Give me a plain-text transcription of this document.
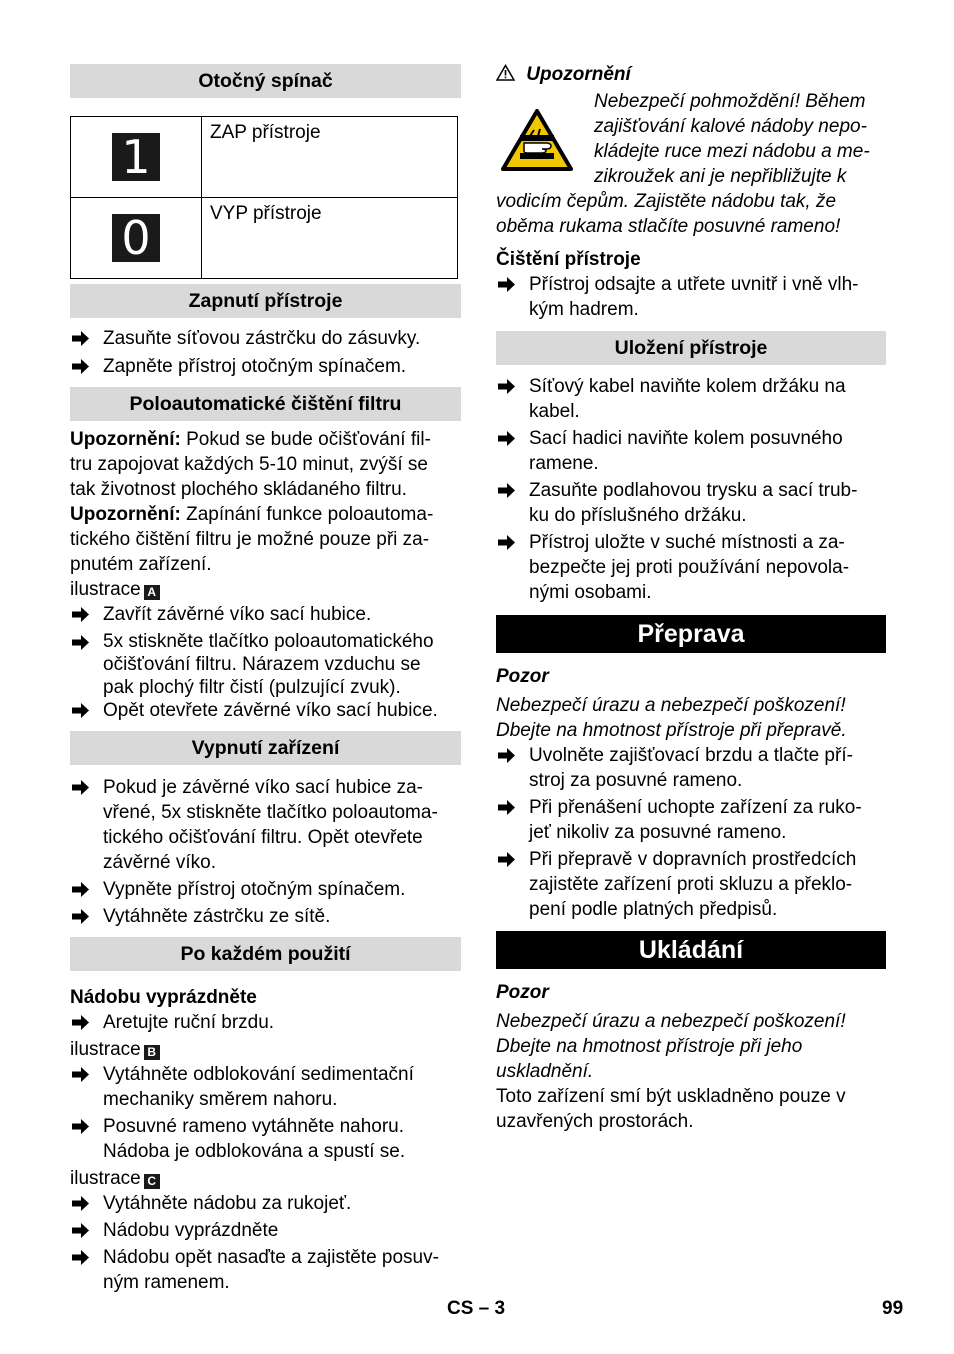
Otočný spínač
1	ZAP přístroje
0	VYP přístroje
Zapnutí přístroje
Zasuňte síťovou zástrčku do zásuvky.
Zapněte přístroj otočným spínačem.
Poloautomatické čištění filtru

Upozornění: Pokud se bude očišťování fil-

tru zapojovat každých 5-10 minut, zvýší se

tak životnost plochého skládaného filtru.

Upozornění: Zapínání funkce poloautoma-

tického čištění filtru je možné pouze při za-

pnutém zařízení.

ilustrace A

Zavřít závěrné víko sací hubice.
5x stiskněte tlačítko poloautomatického
očišťování filtru. Nárazem vzduchu se
pak plochý filtr čistí (pulzující zvuk).
Opět otevřete závěrné víko sací hubice.
Vypnutí zařízení
Pokud je závěrné víko sací hubice za-
vřené, 5x stiskněte tlačítko poloautoma-
tického očišťování filtru. Opět otevřete
závěrné víko.
Vypněte přístroj otočným spínačem.
Vytáhněte zástrčku ze sítě.
Po každém použití

Nádobu vyprázdněte

Aretujte ruční brzdu.

ilustrace B

Vytáhněte odblokování sedimentační
mechaniky směrem nahoru.
Posuvné rameno vytáhněte nahoru.
Nádoba je odblokována a spustí se.

ilustrace C

Vytáhněte nádobu za rukojeť.
Nádobu vyprázdněte
Nádobu opět nasaďte a zajistěte posuv-
ným ramenem.

Upozornění

Nebezpečí pohmoždění! Během

zajišťování kalové nádoby nepo-

kládejte ruce mezi nádobu a me-

zikroužek ani je nepřibližujte k

vodicím čepům. Zajistěte nádobu tak, že

oběma rukama stlačíte posuvné rameno!

Čištění přístroje

Přístroj odsajte a utřete uvnitř i vně vlh-
kým hadrem.
Uložení přístroje
Síťový kabel naviňte kolem držáku na
kabel.
Sací hadici naviňte kolem posuvného
ramene.
Zasuňte podlahovou trysku a sací trub-
ku do příslušného držáku.
Přístroj uložte v suché místnosti a za-
bezpečte jej proti používání nepovola-
nými osobami.
Přeprava

Pozor

Nebezpečí úrazu a nebezpečí poškození!

Dbejte na hmotnost přístroje při přepravě.

Uvolněte zajišťovací brzdu a tlačte pří-
stroj za posuvné rameno.
Při přenášení uchopte zařízení za ruko-
jeť nikoliv za posuvné rameno.
Při přepravě v dopravních prostředcích
zajistěte zařízení proti skluzu a překlo-
pení podle platných předpisů.
Ukládání

Pozor

Nebezpečí úrazu a nebezpečí poškození!

Dbejte na hmotnost přístroje při jeho

uskladnění.

Toto zařízení smí být uskladněno pouze v

uzavřených prostorách.

CS – 3	99
